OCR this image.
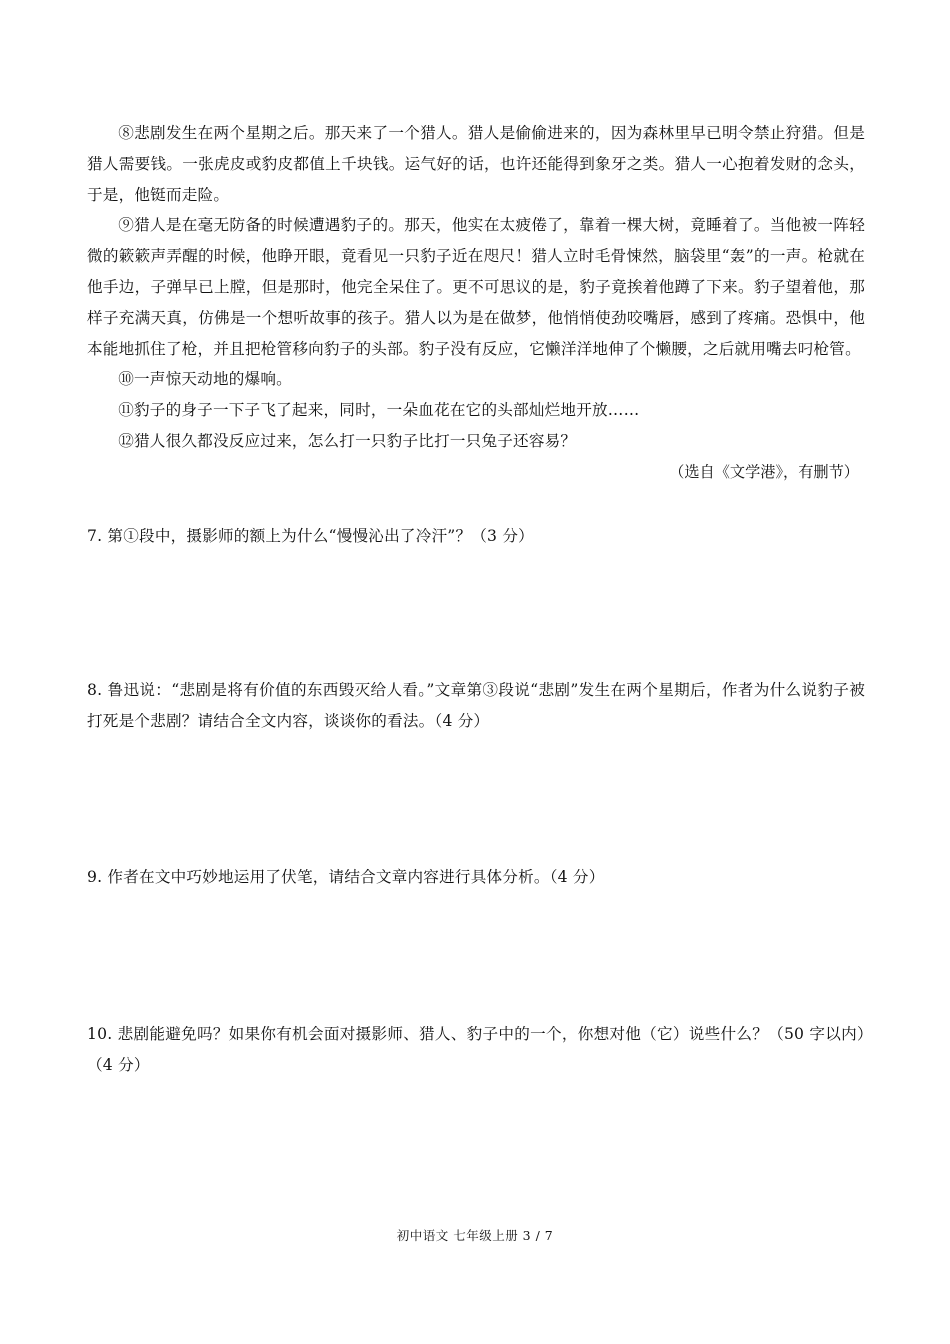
⑧悲剧发生在两个星期之后。那天来了一个猎人。猎人是偷偷进来的，因为森林里早已明令禁止狩猎。但是猎人需要钱。一张虎皮或豹皮都值上千块钱。运气好的话，也许还能得到象牙之类。猎人一心抱着发财的念头，于是，他铤而走险。

⑨猎人是在毫无防备的时候遭遇豹子的。那天，他实在太疲倦了，靠着一棵大树，竟睡着了。当他被一阵轻微的簌簌声弄醒的时候，他睁开眼，竟看见一只豹子近在咫尺！猎人立时毛骨悚然，脑袋里“轰”的一声。枪就在他手边，子弹早已上膛，但是那时，他完全呆住了。更不可思议的是，豹子竟挨着他蹲了下来。豹子望着他，那样子充满天真，仿佛是一个想听故事的孩子。猎人以为是在做梦，他悄悄使劲咬嘴唇，感到了疼痛。恐惧中，他本能地抓住了枪，并且把枪管移向豹子的头部。豹子没有反应，它懒洋洋地伸了个懒腰，之后就用嘴去叼枪管。

⑩一声惊天动地的爆响。

⑪豹子的身子一下子飞了起来，同时，一朵血花在它的头部灿烂地开放……

⑫猎人很久都没反应过来，怎么打一只豹子比打一只兔子还容易？

（选自《文学港》，有删节）

7. 第①段中，摄影师的额上为什么“慢慢沁出了冷汗”？（3 分）

8. 鲁迅说：“悲剧是将有价值的东西毁灭给人看。”文章第③段说“悲剧”发生在两个星期后，作者为什么说豹子被打死是个悲剧？请结合全文内容，谈谈你的看法。（4 分）

9. 作者在文中巧妙地运用了伏笔，请结合文章内容进行具体分析。（4 分）

10. 悲剧能避免吗？如果你有机会面对摄影师、猎人、豹子中的一个，你想对他（它）说些什么？（50 字以内）（4 分）

初中语文 七年级上册 3 / 7
